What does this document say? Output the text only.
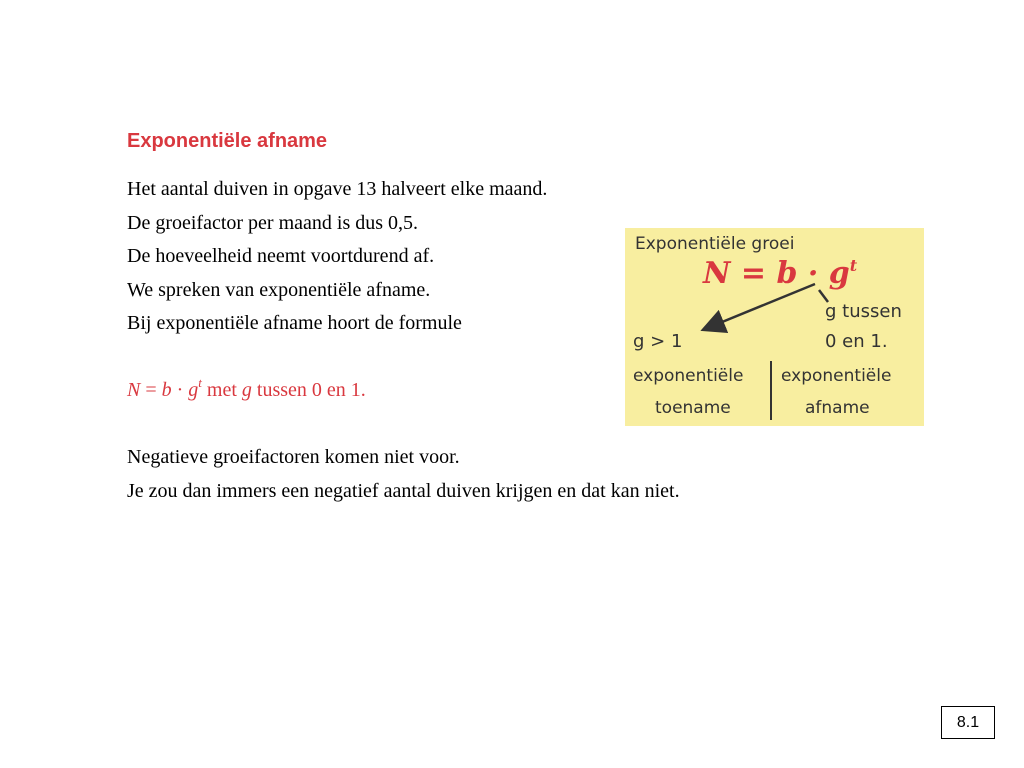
Exponentiële afname
Het aantal duiven in opgave 13 halveert elke maand.
De groeifactor per maand is dus 0,5.
De hoeveelheid neemt voortdurend af.
We spreken van exponentiële afname.
Bij exponentiële afname hoort de formule
$N = b \cdot g^t$ met g tussen 0 en 1.
Negatieve groeifactoren komen niet voor.
Je zou dan immers een negatief aantal duiven krijgen en dat kan niet.
Exponentiële groei
$N = b \cdot g^t$
g tussen
0 en 1.
g > 1
exponentiële
toename
exponentiële
afname
8.1
